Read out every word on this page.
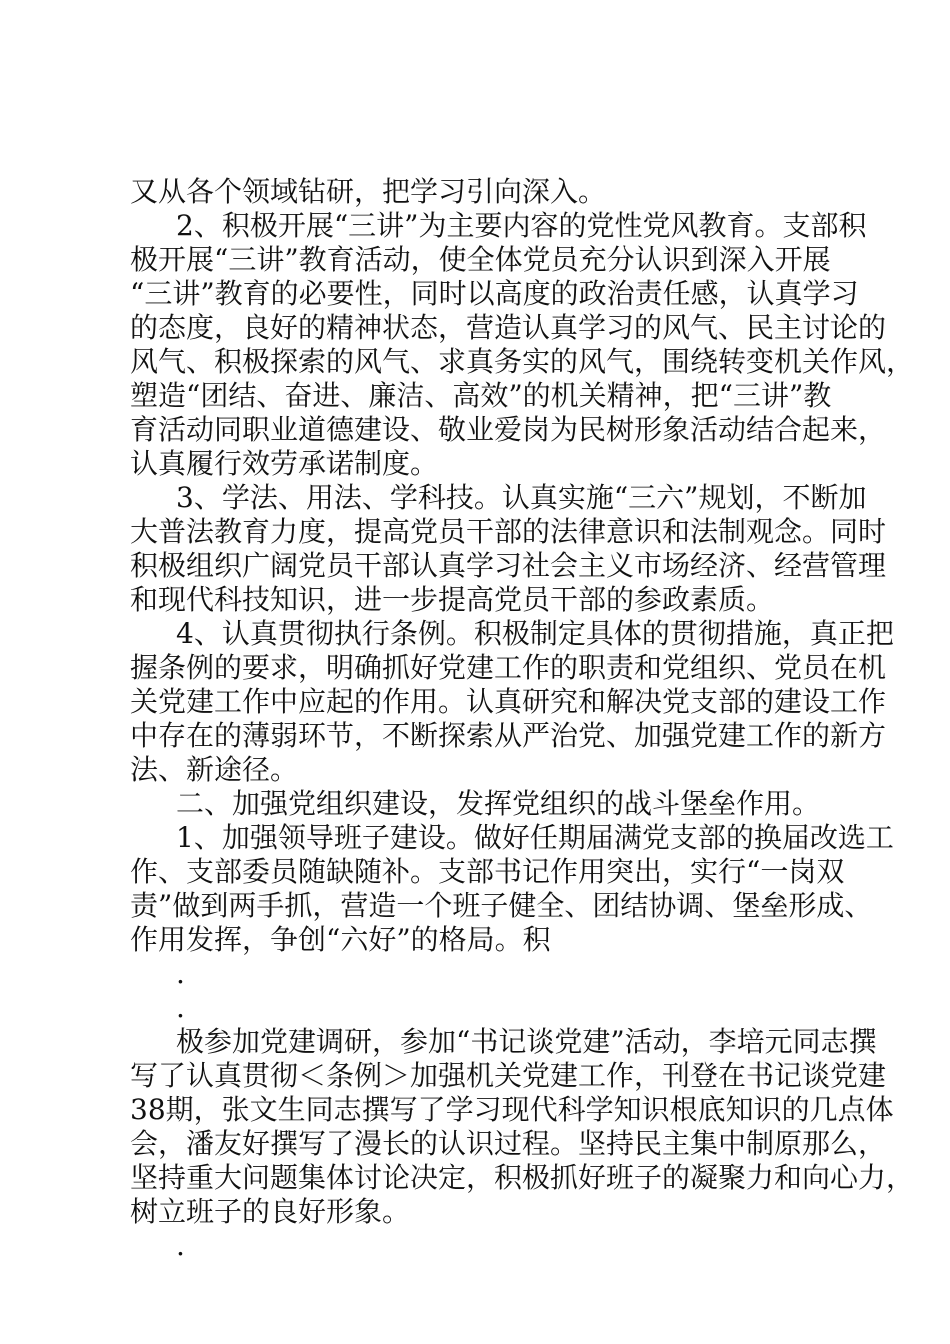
又从各个领域钻研，把学习引向深入。
2、积极开展“三讲”为主要内容的党性党风教育。支部积
极开展“三讲”教育活动，使全体党员充分认识到深入开展
“三讲”教育的必要性，同时以高度的政治责任感，认真学习
的态度，良好的精神状态，营造认真学习的风气、民主讨论的
风气、积极探索的风气、求真务实的风气，围绕转变机关作风，
塑造“团结、奋进、廉洁、高效”的机关精神，把“三讲”教
育活动同职业道德建设、敬业爱岗为民树形象活动结合起来，
认真履行效劳承诺制度。
3、学法、用法、学科技。认真实施“三六”规划，不断加
大普法教育力度，提高党员干部的法律意识和法制观念。同时
积极组织广阔党员干部认真学习社会主义市场经济、经营管理
和现代科技知识，进一步提高党员干部的参政素质。
4、认真贯彻执行条例。积极制定具体的贯彻措施，真正把
握条例的要求，明确抓好党建工作的职责和党组织、党员在机
关党建工作中应起的作用。认真研究和解决党支部的建设工作
中存在的薄弱环节，不断探索从严治党、加强党建工作的新方
法、新途径。
二、加强党组织建设，发挥党组织的战斗堡垒作用。
1、加强领导班子建设。做好任期届满党支部的换届改选工
作、支部委员随缺随补。支部书记作用突出，实行“一岗双
责”做到两手抓，营造一个班子健全、团结协调、堡垒形成、
作用发挥，争创“六好”的格局。积
.
.
极参加党建调研，参加“书记谈党建”活动，李培元同志撰
写了认真贯彻＜条例＞加强机关党建工作，刊登在书记谈党建
38期，张文生同志撰写了学习现代科学知识根底知识的几点体
会，潘友好撰写了漫长的认识过程。坚持民主集中制原那么，
坚持重大问题集体讨论决定，积极抓好班子的凝聚力和向心力，
树立班子的良好形象。
.
